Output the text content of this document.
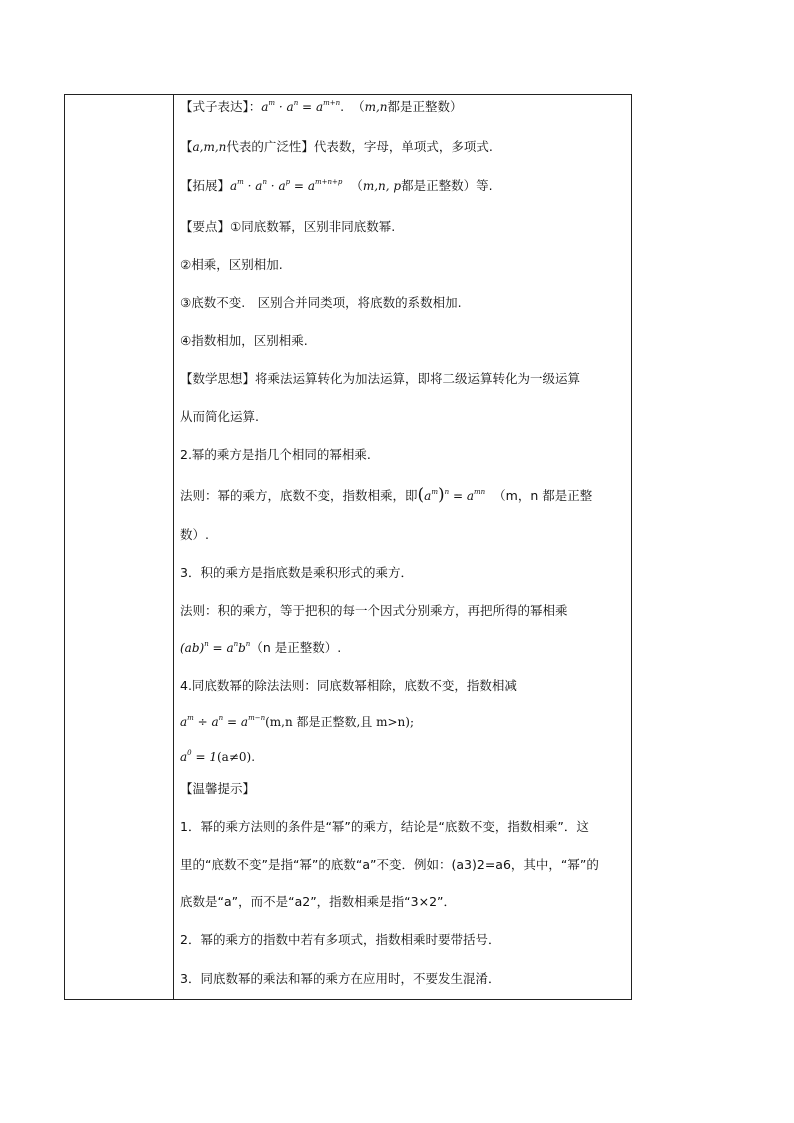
【式子表达】：$a^m \cdot a^n = a^{m+n}$. （m,n都是正整数）
【a,m,n代表的广泛性】代表数，字母，单项式，多项式.
【拓展】$a^m \cdot a^n \cdot a^p = a^{m+n+p}$ （m,n, p都是正整数）等.
【要点】①同底数幂，区别非同底数幂.
②相乘，区别相加.
③底数不变.　区别合并同类项，将底数的系数相加.
④指数相加，区别相乘.
【数学思想】将乘法运算转化为加法运算，即将二级运算转化为一级运算
从而简化运算.
2.幂的乘方是指几个相同的幂相乘.
法则：幂的乘方，底数不变，指数相乘，即$(a^m)^n = a^{mn}$ （m，n 都是正整
数）.
3．积的乘方是指底数是乘积形式的乘方．
法则：积的乘方，等于把积的每一个因式分别乘方，再把所得的幂相乘
$(ab)^n = a^nb^n(n$ 是正整数）.
4.同底数幂的除法法则：同底数幂相除，底数不变，指数相减
$a^m \div a^n = a^{m-n}(m,n$ 都是正整数,且 m>n);
$a^0 = 1(a\ne 0)$.
【温馨提示】
1．幂的乘方法则的条件是“幂”的乘方，结论是“底数不变，指数相乘”．这
里的“底数不变”是指“幂”的底数“a”不变．例如：(a3)2=a6，其中，“幂”的
底数是“a”，而不是“a2”，指数相乘是指“3×2”．
2．幂的乘方的指数中若有多项式，指数相乘时要带括号．
3．同底数幂的乘法和幂的乘方在应用时，不要发生混淆．
